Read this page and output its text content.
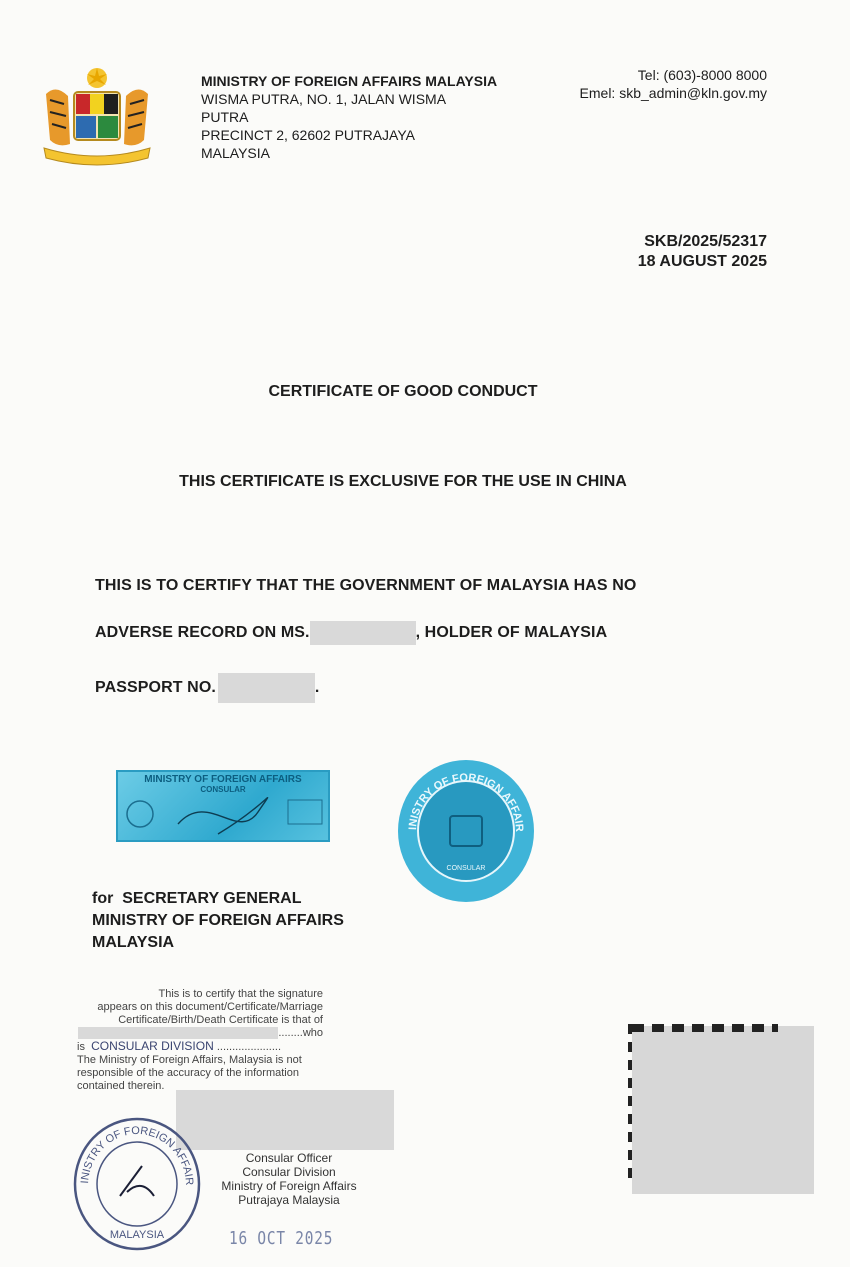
MINISTRY OF FOREIGN AFFAIRS MALAYSIA
WISMA PUTRA, NO. 1, JALAN WISMA
PUTRA
PRECINCT 2, 62602 PUTRAJAYA
MALAYSIA
Tel: (603)-8000 8000
Emel: skb_admin@kln.gov.my
SKB/2025/52317
18 AUGUST 2025
CERTIFICATE OF GOOD CONDUCT
THIS CERTIFICATE IS EXCLUSIVE FOR THE USE IN CHINA
THIS IS TO CERTIFY THAT THE GOVERNMENT OF MALAYSIA HAS NO
ADVERSE RECORD ON MS.	, HOLDER OF MALAYSIA
PASSPORT NO.	.
MINISTRY OF FOREIGN AFFAIRS
CONSULAR
INISTRY OF FOREIGN AFFAIR
CONSULAR
for SECRETARY GENERAL
MINISTRY OF FOREIGN AFFAIRS
MALAYSIA
This is to certify that the signature
appears on this document/Certificate/Marriage
Certificate/Birth/Death Certificate is that of
........who
is CONSULAR DIVISION .....................
The Ministry of Foreign Affairs, Malaysia is not
responsible of the accuracy of the information
contained therein.
INISTRY OF FOREIGN AFFAIR
MALAYSIA
Consular Officer
Consular Division
Ministry of Foreign Affairs
Putrajaya Malaysia
16 OCT 2025
